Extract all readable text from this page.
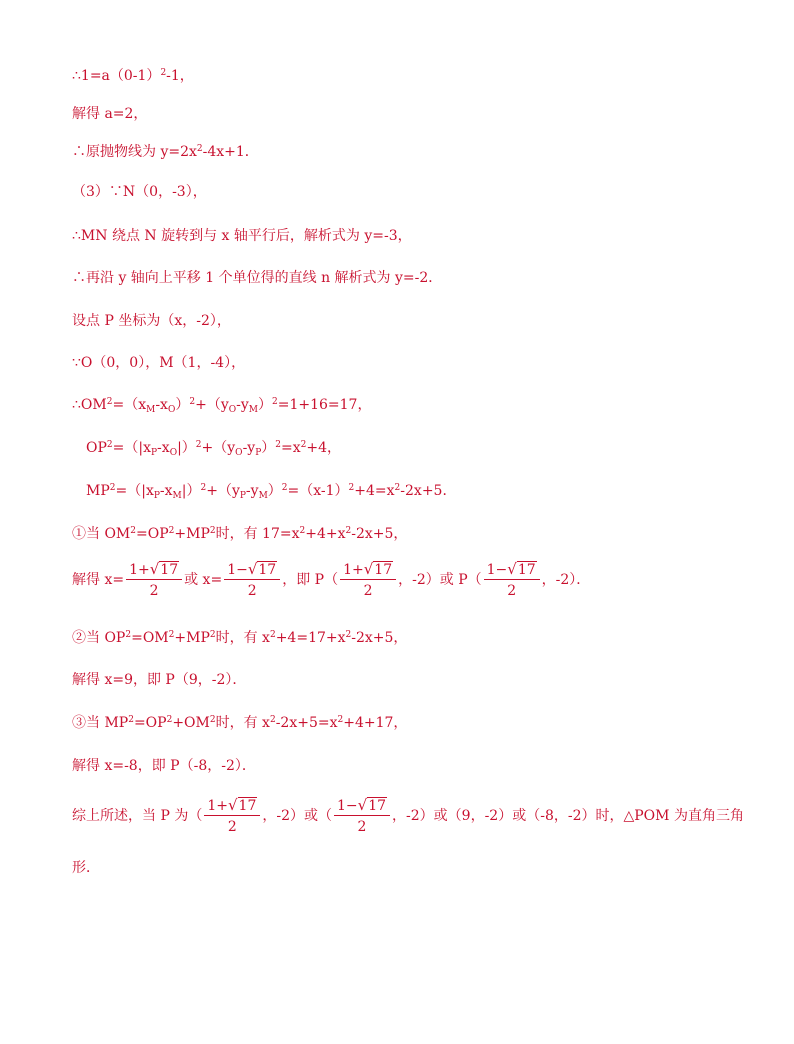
$\therefore 1=a(0-1)^2-1$，
解得 a=2，
∴原抛物线为 $y=2x^2-4x+1$．
（3）∵N（0，-3），
∴MN 绕点 N 旋转到与 x 轴平行后，解析式为 y=-3，
∴再沿 y 轴向上平移 1 个单位得的直线 n 解析式为 y=-2．
设点 P 坐标为（x，-2），
∵O（0，0），M（1，-4），
$\therefore OM^2=(x_M-x_O)^2+(y_O-y_M)^2=1+16=17$，
$OP^2=(|x_P-x_O|)^2+(y_O-y_P)^2=x^2+4$，
$MP^2=(|x_P-x_M|)^2+(y_P-y_M)^2=(x-1)^2+4=x^2-2x+5$．
①当 $OM^2=OP^2+MP^2$时，有 $17=x^2+4+x^2-2x+5$，
解得 $x= \frac{1+√17}{2}$ 或 $x= \frac{1-√17}{2}$ ，即 $P( \frac{1+√17}{2}$ ，-2）或 $P( \frac{1-√17}{2}$ ，-2）．
②当 $OP^2=OM^2+MP^2$时，有 $x^2+4=17+x^2-2x+5$，
解得 x=9，即 P（9，-2）．
③当 $MP^2=OP^2+OM^2$时，有 $x^2-2x+5=x^2+4+17$，
解得 x=-8，即 P（-8，-2）．
综上所述，当 P 为（ $\frac{1+√17}{2}$ ，-2）或（ $\frac{1-√17}{2}$ ，-2）或（9，-2）或（-8，-2）时，△POM 为直角三角
形．
